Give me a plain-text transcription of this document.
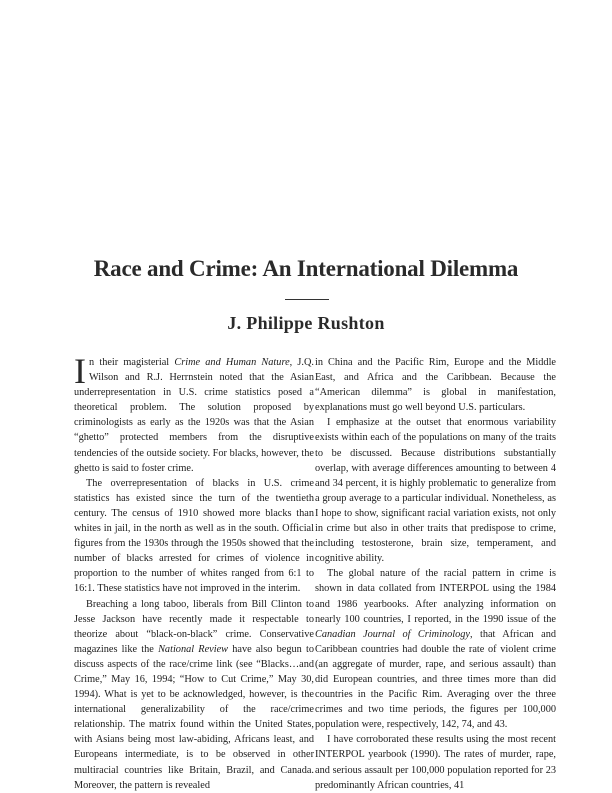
Race and Crime: An International Dilemma
J. Philippe Rushton

In their magisterial Crime and Human Nature, J.Q. Wilson and R.J. Herrnstein noted that the Asian underrepresentation in U.S. crime statistics posed a theoretical problem. The solution proposed by criminologists as early as the 1920s was that the Asian “ghetto” protected members from the disruptive tendencies of the outside society. For blacks, however, the ghetto is said to foster crime.

The overrepresentation of blacks in U.S. crime statistics has existed since the turn of the twentieth century. The census of 1910 showed more blacks than whites in jail, in the north as well as in the south. Official figures from the 1930s through the 1950s showed that the number of blacks arrested for crimes of violence in proportion to the number of whites ranged from 6:1 to 16:1. These statistics have not improved in the interim.

Breaching a long taboo, liberals from Bill Clinton to Jesse Jackson have recently made it respectable to theorize about “black-on-black” crime. Conservative magazines like the National Review have also begun to discuss aspects of the race/crime link (see “Blacks…and Crime,” May 16, 1994; “How to Cut Crime,” May 30, 1994). What is yet to be acknowledged, however, is the international generalizability of the race/crime relationship. The matrix found within the United States, with Asians being most law-abiding, Africans least, and Europeans intermediate, is to be observed in other multiracial countries like Britain, Brazil, and Canada. Moreover, the pattern is revealed

in China and the Pacific Rim, Europe and the Middle East, and Africa and the Caribbean. Because the “American dilemma” is global in manifestation, explanations must go well beyond U.S. particulars.

I emphasize at the outset that enormous variability exists within each of the populations on many of the traits to be discussed. Because distributions substantially overlap, with average differences amounting to between 4 and 34 percent, it is highly problematic to generalize from a group average to a particular individual. Nonetheless, as I hope to show, significant racial variation exists, not only in crime but also in other traits that predispose to crime, including testosterone, brain size, temperament, and cognitive ability.

The global nature of the racial pattern in crime is shown in data collated from INTERPOL using the 1984 and 1986 yearbooks. After analyzing information on nearly 100 countries, I reported, in the 1990 issue of the Canadian Journal of Criminology, that African and Caribbean countries had double the rate of violent crime (an aggregate of murder, rape, and serious assault) than did European countries, and three times more than did countries in the Pacific Rim. Averaging over the three crimes and two time periods, the figures per 100,000 population were, respectively, 142, 74, and 43.

I have corroborated these results using the most recent INTERPOL yearbook (1990). The rates of murder, rape, and serious assault per 100,000 population reported for 23 predominantly African countries, 41
